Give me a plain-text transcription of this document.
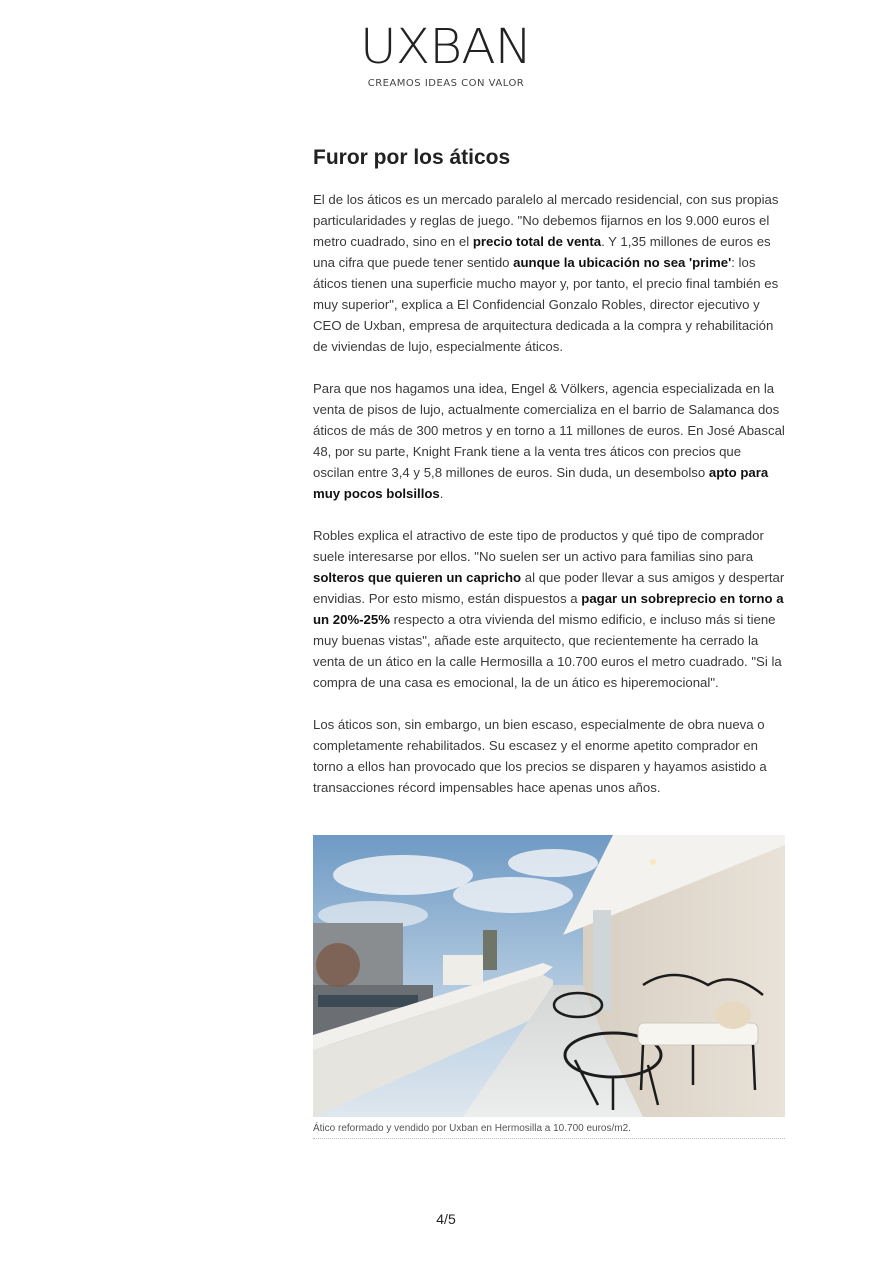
UXBAN
CREAMOS IDEAS CON VALOR
Furor por los áticos

El de los áticos es un mercado paralelo al mercado residencial, con sus propias particularidades y reglas de juego. "No debemos fijarnos en los 9.000 euros el metro cuadrado, sino en el precio total de venta. Y 1,35 millones de euros es una cifra que puede tener sentido aunque la ubicación no sea 'prime': los áticos tienen una superficie mucho mayor y, por tanto, el precio final también es muy superior", explica a El Confidencial Gonzalo Robles, director ejecutivo y CEO de Uxban, empresa de arquitectura dedicada a la compra y rehabilitación de viviendas de lujo, especialmente áticos.

Para que nos hagamos una idea, Engel & Völkers, agencia especializada en la venta de pisos de lujo, actualmente comercializa en el barrio de Salamanca dos áticos de más de 300 metros y en torno a 11 millones de euros. En José Abascal 48, por su parte, Knight Frank tiene a la venta tres áticos con precios que oscilan entre 3,4 y 5,8 millones de euros. Sin duda, un desembolso apto para muy pocos bolsillos.

Robles explica el atractivo de este tipo de productos y qué tipo de comprador suele interesarse por ellos. "No suelen ser un activo para familias sino para solteros que quieren un capricho al que poder llevar a sus amigos y despertar envidias. Por esto mismo, están dispuestos a pagar un sobreprecio en torno a un 20%-25% respecto a otra vivienda del mismo edificio, e incluso más si tiene muy buenas vistas", añade este arquitecto, que recientemente ha cerrado la venta de un ático en la calle Hermosilla a 10.700 euros el metro cuadrado. "Si la compra de una casa es emocional, la de un ático es hiperemocional".

Los áticos son, sin embargo, un bien escaso, especialmente de obra nueva o completamente rehabilitados. Su escasez y el enorme apetito comprador en torno a ellos han provocado que los precios se disparen y hayamos asistido a transacciones récord impensables hace apenas unos años.

Ático reformado y vendido por Uxban en Hermosilla a 10.700 euros/m2.
4/5
